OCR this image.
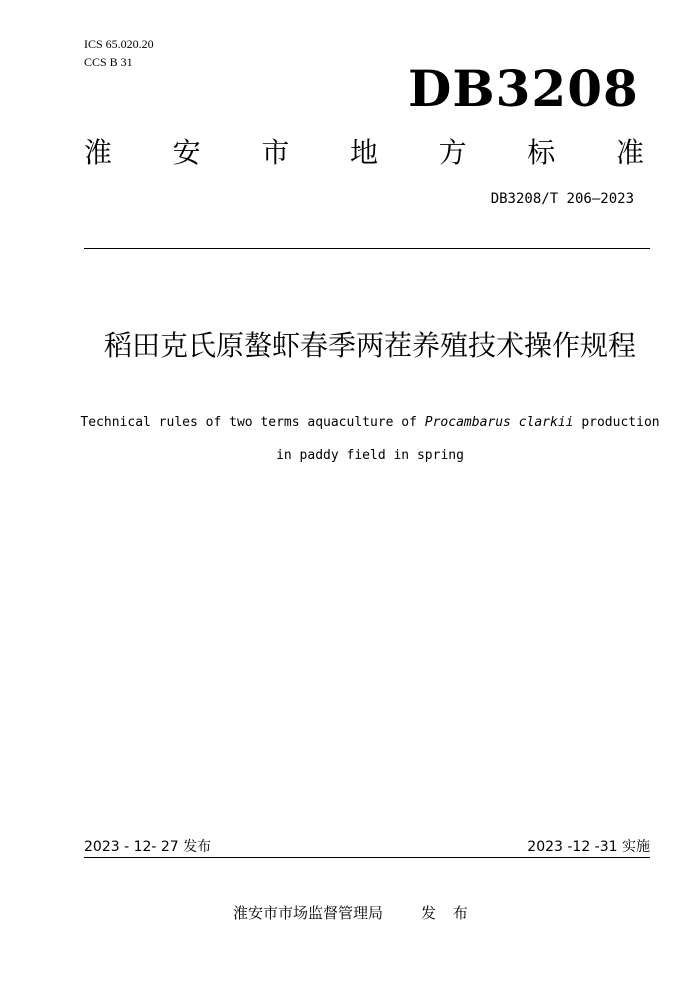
ICS 65.020.20
CCS B 31	DB3208
淮 安 市 地 方 标 准
DB3208/T 206—2023
稻田克氏原螯虾春季两茬养殖技术操作规程
Technical rules of two terms aquaculture of Procambarus clarkii production
in paddy field in spring
2023 - 12- 27 发布	2023 -12 -31 实施
淮安市市场监督管理局	发 布
